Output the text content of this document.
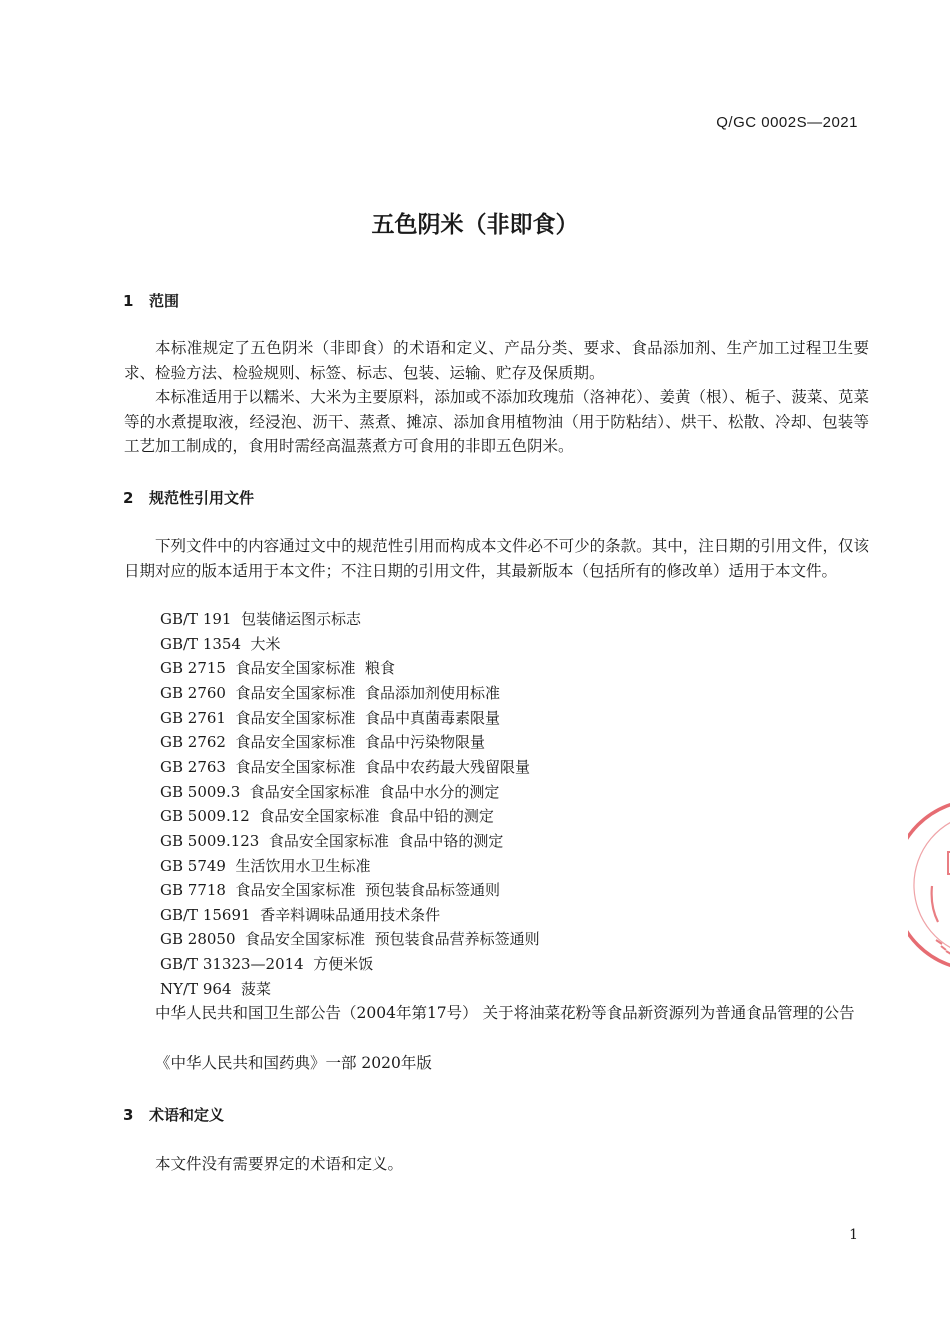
Q/GC 0002S—2021
五色阴米（非即食）
1 范围
本标准规定了五色阴米（非即食）的术语和定义、产品分类、要求、食品添加剂、生产加工过程卫生要求、检验方法、检验规则、标签、标志、包装、运输、贮存及保质期。
本标准适用于以糯米、大米为主要原料，添加或不添加玫瑰茄（洛神花）、姜黄（根）、栀子、菠菜、苋菜等的水煮提取液，经浸泡、沥干、蒸煮、摊凉、添加食用植物油（用于防粘结）、烘干、松散、冷却、包装等工艺加工制成的，食用时需经高温蒸煮方可食用的非即五色阴米。
2 规范性引用文件
下列文件中的内容通过文中的规范性引用而构成本文件必不可少的条款。其中，注日期的引用文件，仅该日期对应的版本适用于本文件；不注日期的引用文件，其最新版本（包括所有的修改单）适用于本文件。
GB/T 191  包装储运图示标志
GB/T 1354  大米
GB 2715  食品安全国家标准  粮食
GB 2760  食品安全国家标准  食品添加剂使用标准
GB 2761  食品安全国家标准  食品中真菌毒素限量
GB 2762  食品安全国家标准  食品中污染物限量
GB 2763  食品安全国家标准  食品中农药最大残留限量
GB 5009.3  食品安全国家标准  食品中水分的测定
GB 5009.12  食品安全国家标准  食品中铅的测定
GB 5009.123  食品安全国家标准  食品中铬的测定
GB 5749  生活饮用水卫生标准
GB 7718  食品安全国家标准  预包装食品标签通则
GB/T 15691  香辛料调味品通用技术条件
GB 28050  食品安全国家标准  预包装食品营养标签通则
GB/T 31323—2014  方便米饭
NY/T 964  菠菜
中华人民共和国卫生部公告（2004年第17号） 关于将油菜花粉等食品新资源列为普通食品管理的公告
《中华人民共和国药典》一部 2020年版
3 术语和定义
本文件没有需要界定的术语和定义。
1
